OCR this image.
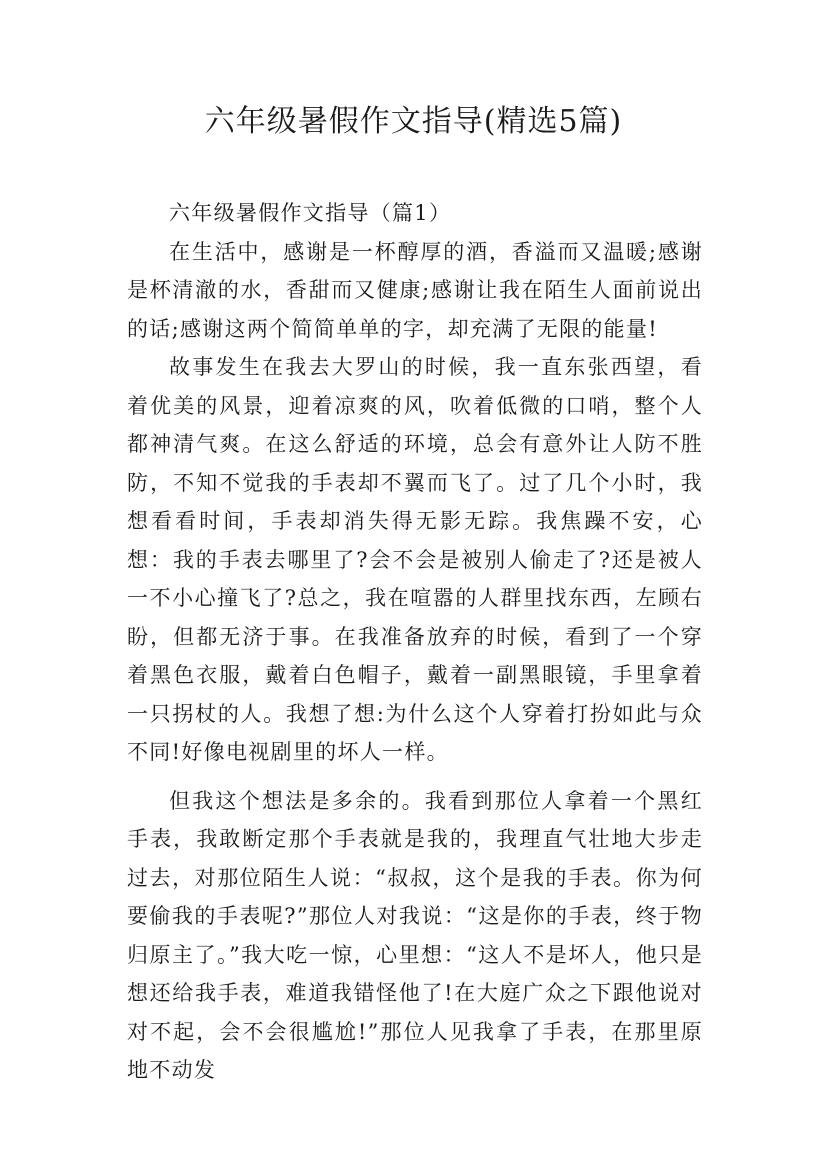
六年级暑假作文指导(精选5篇)

六年级暑假作文指导（篇1）

在生活中，感谢是一杯醇厚的酒，香溢而又温暖;感谢是杯清澈的水，香甜而又健康;感谢让我在陌生人面前说出的话;感谢这两个简简单单的字，却充满了无限的能量!

故事发生在我去大罗山的时候，我一直东张西望，看着优美的风景，迎着凉爽的风，吹着低微的口哨，整个人都神清气爽。在这么舒适的环境，总会有意外让人防不胜防，不知不觉我的手表却不翼而飞了。过了几个小时，我想看看时间，手表却消失得无影无踪。我焦躁不安，心想：我的手表去哪里了?会不会是被别人偷走了?还是被人一不小心撞飞了?总之，我在喧嚣的人群里找东西，左顾右盼，但都无济于事。在我准备放弃的时候，看到了一个穿着黑色衣服，戴着白色帽子，戴着一副黑眼镜，手里拿着一只拐杖的人。我想了想:为什么这个人穿着打扮如此与众不同!好像电视剧里的坏人一样。

但我这个想法是多余的。我看到那位人拿着一个黑红手表，我敢断定那个手表就是我的，我理直气壮地大步走过去，对那位陌生人说：“叔叔，这个是我的手表。你为何要偷我的手表呢?”那位人对我说：“这是你的手表，终于物归原主了。”我大吃一惊，心里想：“这人不是坏人，他只是想还给我手表，难道我错怪他了!在大庭广众之下跟他说对对不起，会不会很尴尬!”那位人见我拿了手表，在那里原地不动发
